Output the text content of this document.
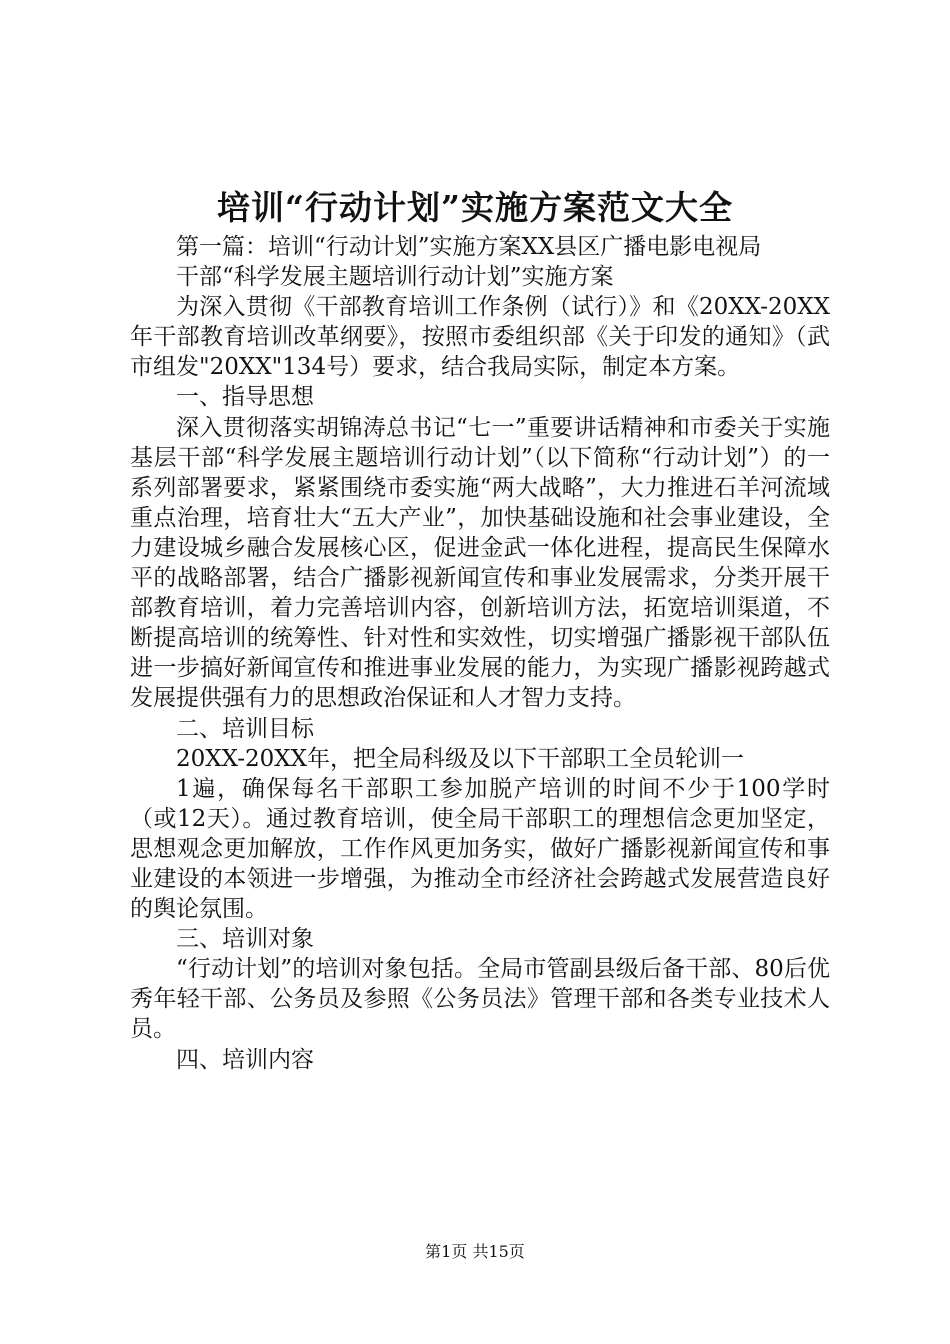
培训“行动计划”实施方案范文大全

第一篇：培训“行动计划”实施方案XX县区广播电影电视局

干部“科学发展主题培训行动计划”实施方案

为深入贯彻《干部教育培训工作条例（试行）》和《20XX-20XX年干部教育培训改革纲要》，按照市委组织部《关于印发的通知》（武市组发"20XX"134号）要求，结合我局实际，制定本方案。

一、指导思想

深入贯彻落实胡锦涛总书记“七一”重要讲话精神和市委关于实施基层干部“科学发展主题培训行动计划”（以下简称“行动计划”）的一系列部署要求，紧紧围绕市委实施“两大战略”，大力推进石羊河流域重点治理，培育壮大“五大产业”，加快基础设施和社会事业建设，全力建设城乡融合发展核心区，促进金武一体化进程，提高民生保障水平的战略部署，结合广播影视新闻宣传和事业发展需求，分类开展干部教育培训，着力完善培训内容，创新培训方法，拓宽培训渠道，不断提高培训的统筹性、针对性和实效性，切实增强广播影视干部队伍进一步搞好新闻宣传和推进事业发展的能力，为实现广播影视跨越式发展提供强有力的思想政治保证和人才智力支持。

二、培训目标

20XX-20XX年，把全局科级及以下干部职工全员轮训一

1遍，确保每名干部职工参加脱产培训的时间不少于100学时（或12天）。通过教育培训，使全局干部职工的理想信念更加坚定，思想观念更加解放，工作作风更加务实，做好广播影视新闻宣传和事业建设的本领进一步增强，为推动全市经济社会跨越式发展营造良好的舆论氛围。

三、培训对象

“行动计划”的培训对象包括。全局市管副县级后备干部、80后优秀年轻干部、公务员及参照《公务员法》管理干部和各类专业技术人员。

四、培训内容

第1页 共15页
